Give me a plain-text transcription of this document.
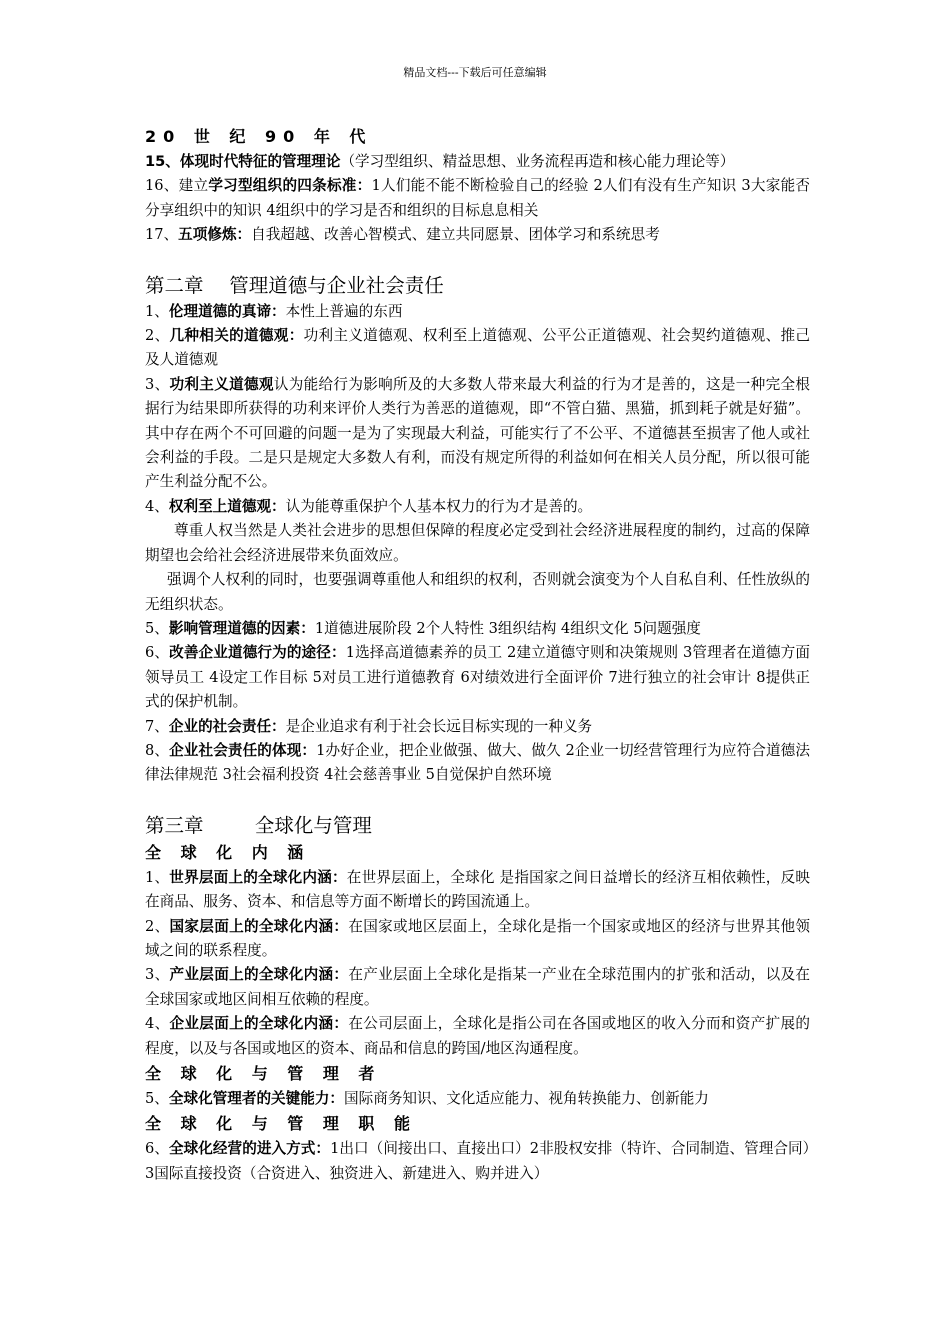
精品文档---下载后可任意编辑

20 世 纪 90 年 代

15、体现时代特征的管理理论（学习型组织、精益思想、业务流程再造和核心能力理论等）

16、建立学习型组织的四条标准：1人们能不能不断检验自己的经验 2人们有没有生产知识 3大家能否分享组织中的知识 4组织中的学习是否和组织的目标息息相关

17、五项修炼：自我超越、改善心智模式、建立共同愿景、团体学习和系统思考

第二章　 管理道德与企业社会责任

1、伦理道德的真谛：本性上普遍的东西

2、几种相关的道德观：功利主义道德观、权利至上道德观、公平公正道德观、社会契约道德观、推己及人道德观

3、功利主义道德观认为能给行为影响所及的大多数人带来最大利益的行为才是善的，这是一种完全根据行为结果即所获得的功利来评价人类行为善恶的道德观，即“不管白猫、黑猫，抓到耗子就是好猫”。其中存在两个不可回避的问题一是为了实现最大利益，可能实行了不公平、不道德甚至损害了他人或社会利益的手段。二是只是规定大多数人有利，而没有规定所得的利益如何在相关人员分配，所以很可能产生利益分配不公。

4、权利至上道德观：认为能尊重保护个人基本权力的行为才是善的。

尊重人权当然是人类社会进步的思想但保障的程度必定受到社会经济进展程度的制约，过高的保障期望也会给社会经济进展带来负面效应。

强调个人权利的同时，也要强调尊重他人和组织的权利，否则就会演变为个人自私自利、任性放纵的无组织状态。

5、影响管理道德的因素：1道德进展阶段 2个人特性 3组织结构 4组织文化 5问题强度

6、改善企业道德行为的途径：1选择高道德素养的员工 2建立道德守则和决策规则 3管理者在道德方面领导员工 4设定工作目标 5对员工进行道德教育 6对绩效进行全面评价 7进行独立的社会审计 8提供正式的保护机制。

7、企业的社会责任：是企业追求有利于社会长远目标实现的一种义务

8、企业社会责任的体现：1办好企业，把企业做强、做大、做久 2企业一切经营管理行为应符合道德法律法律规范 3社会福利投资 4社会慈善事业 5自觉保护自然环境

第三章　　  全球化与管理

全 球 化 内 涵

1、世界层面上的全球化内涵：在世界层面上，全球化 是指国家之间日益增长的经济互相依赖性，反映在商品、服务、资本、和信息等方面不断增长的跨国流通上。

2、国家层面上的全球化内涵：在国家或地区层面上，全球化是指一个国家或地区的经济与世界其他领域之间的联系程度。

3、产业层面上的全球化内涵：在产业层面上全球化是指某一产业在全球范围内的扩张和活动，以及在全球国家或地区间相互依赖的程度。

4、企业层面上的全球化内涵：在公司层面上，全球化是指公司在各国或地区的收入分而和资产扩展的程度，以及与各国或地区的资本、商品和信息的跨国/地区沟通程度。

全 球 化 与 管 理 者

5、全球化管理者的关键能力：国际商务知识、文化适应能力、视角转换能力、创新能力

全 球 化 与 管 理 职 能

6、全球化经营的进入方式：1出口（间接出口、直接出口）2非股权安排（特许、合同制造、管理合同）3国际直接投资（合资进入、独资进入、新建进入、购并进入）
